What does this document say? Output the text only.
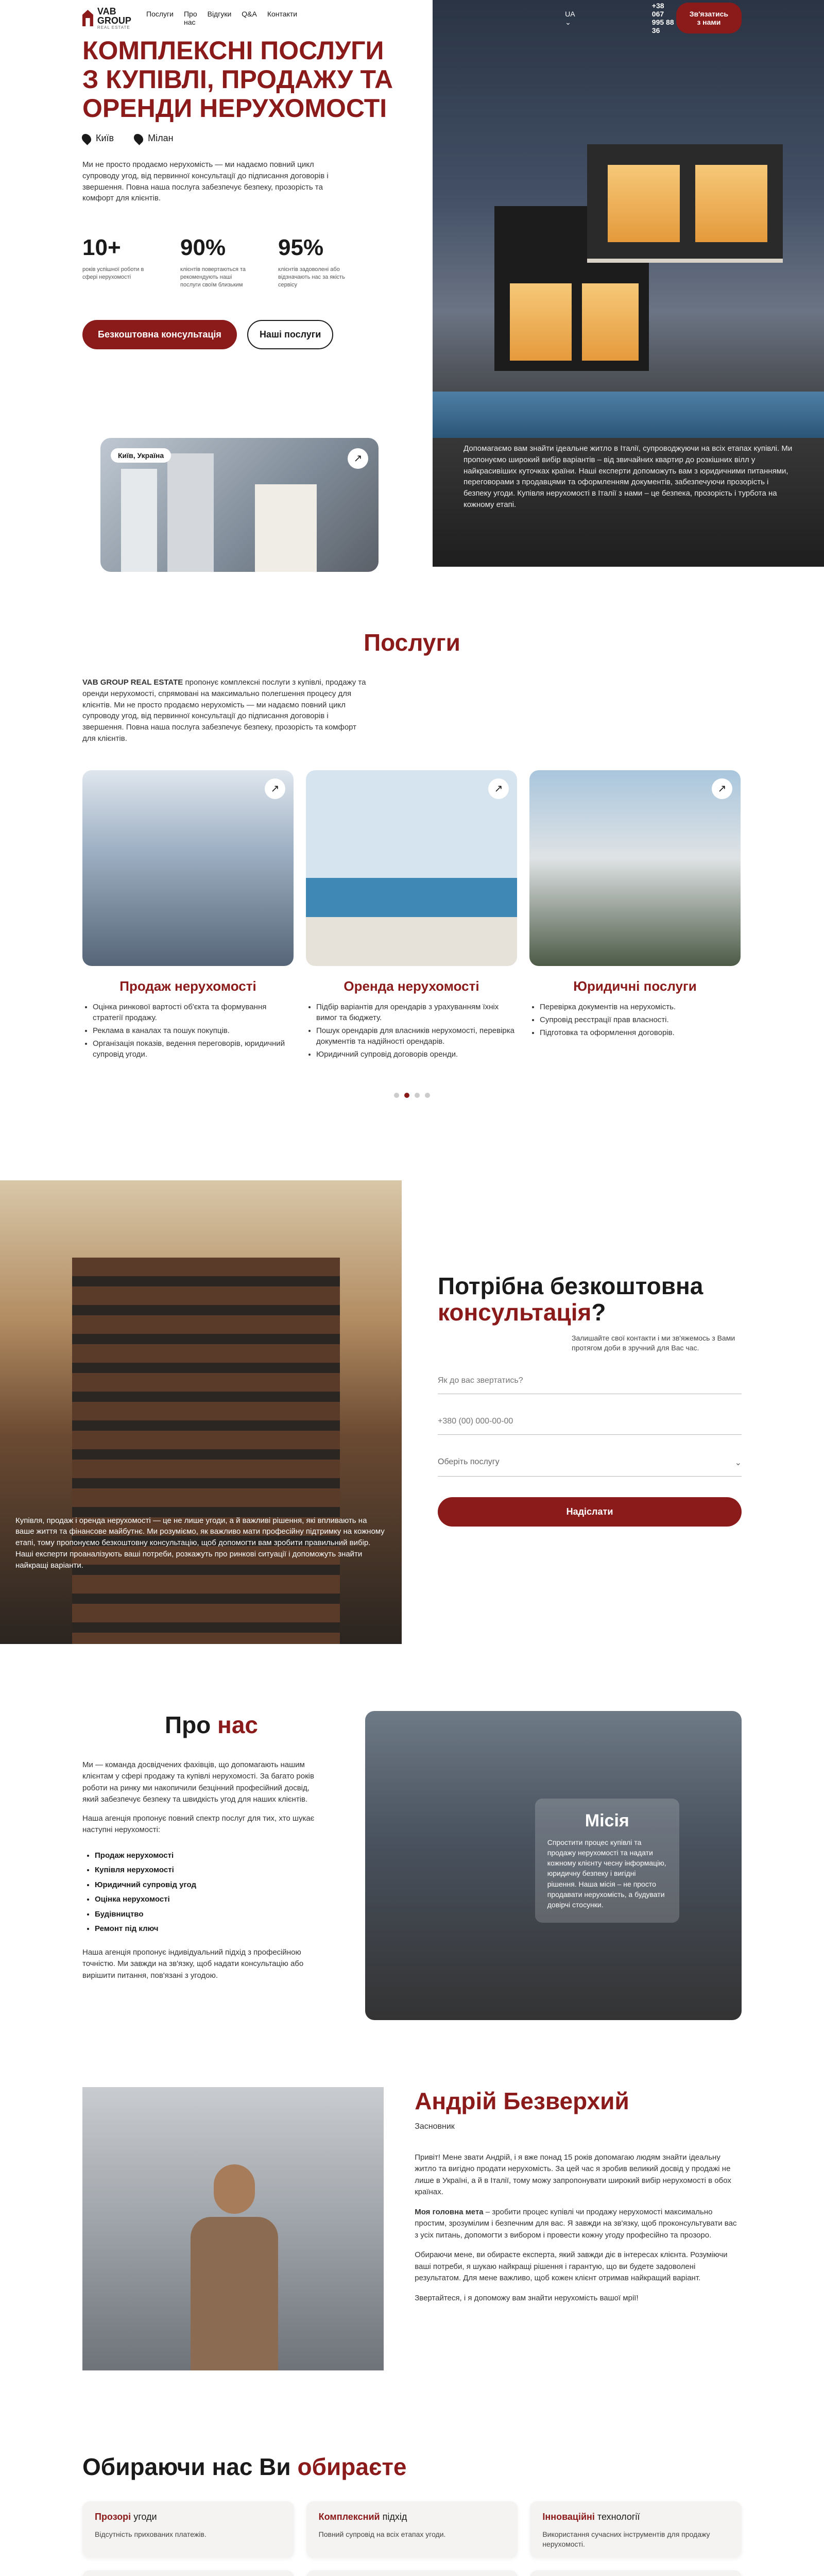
VAB GROUP
REAL ESTATE
Послуги Про нас
Відгуки Q&A Контакти	UA ⌄
+38 067 995 88 36
Зв'язатись з нами
КОМПЛЕКСНІ ПОСЛУГИ З КУПІВЛІ, ПРОДАЖУ ТА ОРЕНДИ НЕРУХОМОСТІ
Київ	Мілан

Ми не просто продаємо нерухомість — ми надаємо повний цикл супроводу угод, від первинної консультації до підписання договорів і звершення. Повна наша послуга забезпечує безпеку, прозорість та комфорт для клієнтів.

10+
років успішної роботи в сфері нерухомості
90%
клієнтів повертаються та рекомендують наші послуги своїм близьким
95%
клієнтів задоволені або відзначають нас за якість сервісу
Безкоштовна консультація	Наші послуги
Київ, Україна	↗

Допомагаємо вам знайти ідеальне житло в Італії, супроводжуючи на всіх етапах купівлі. Ми пропонуємо широкий вибір варіантів – від звичайних квартир до розкішних вілл у найкрасивіших куточках країни. Наші експерти допоможуть вам з юридичними питаннями, переговорами з продавцями та оформленням документів, забезпечуючи прозорість і безпеку угоди. Купівля нерухомості в Італії з нами – це безпека, прозорість і турбота на кожному етапі.

Послуги

VAB GROUP REAL ESTATE пропонує комплексні послуги з купівлі, продажу та оренди нерухомості, спрямовані на максимально полегшення процесу для клієнтів. Ми не просто продаємо нерухомість — ми надаємо повний цикл супроводу угод, від первинної консультації до підписання договорів і звершення. Повна наша послуга забезпечує безпеку, прозорість та комфорт для клієнтів.

↗
Продаж нерухомості
• Оцінка ринкової вартості об'єкта та формування стратегії продажу.
• Реклама в каналах та пошук покупців.
• Організація показів, ведення переговорів, юридичний супровід угоди.
↗
Оренда нерухомості
• Підбір варіантів для орендарів з урахуванням їхніх вимог та бюджету.
• Пошук орендарів для власників нерухомості, перевірка документів та надійності орендарів.
• Юридичний супровід договорів оренди.
↗
Юридичні послуги
• Перевірка документів на нерухомість.
• Супровід реєстрації прав власності.
• Підготовка та оформлення договорів.

Купівля, продаж і оренда нерухомості — це не лише угоди, а й важливі рішення, які впливають на ваше життя та фінансове майбутнє. Ми розуміємо, як важливо мати професійну підтримку на кожному етапі, тому пропонуємо безкоштовну консультацію, щоб допомогти вам зробити правильний вибір. Наші експерти проаналізують ваші потреби, розкажуть про ринкові ситуації і допоможуть знайти найкращі варіанти.

Потрібна безкоштовна консультація?

Залишайте свої контакти і ми зв'яжемось з Вами протягом доби в зручний для Вас час.

Як до вас звертатись? +380 (00) 000-00-00
Оберіть послугу	⌄
Надіслати
Про нас

Ми — команда досвідчених фахівців, що допомагають нашим клієнтам у сфері продажу та купівлі нерухомості. За багато років роботи на ринку ми накопичили безцінний професійний досвід, який забезпечує безпеку та швидкість угод для наших клієнтів.

Наша агенція пропонує повний спектр послуг для тих, хто шукає наступні нерухомості:

• Продаж нерухомості
• Купівля нерухомості
• Юридичний супровід угод
• Оцінка нерухомості
• Будівництво
• Ремонт під ключ

Наша агенція пропонує індивідуальний підхід з професійною точністю. Ми завжди на зв'язку, щоб надати консультацію або вирішити питання, пов'язані з угодою.

Місія

Спростити процес купівлі та продажу нерухомості та надати кожному клієнту чесну інформацію, юридичну безпеку і вигідні рішення. Наша місія – не просто продавати нерухомість, а будувати довірчі стосунки.

Андрій Безверхий
Засновник

Привіт! Мене звати Андрій, і я вже понад 15 років допомагаю людям знайти ідеальну житло та вигідно продати нерухомість. За цей час я зробив великий досвід у продажі не лише в Україні, а й в Італії, тому можу запропонувати широкий вибір нерухомості в обох країнах.

Моя головна мета – зробити процес купівлі чи продажу нерухомості максимально простим, зрозумілим і безпечним для вас. Я завжди на зв'язку, щоб проконсультувати вас з усіх питань, допомогти з вибором і провести кожну угоду професійно та прозоро.

Обираючи мене, ви обираєте експерта, який завжди діє в інтересах клієнта. Розуміючи ваші потреби, я шукаю найкращі рішення і гарантую, що ви будете задоволені результатом. Для мене важливо, щоб кожен клієнт отримав найкращий варіант.

Звертайтеся, і я допоможу вам знайти нерухомість вашої мрії!

Обираючи нас Ви обираєте
Прозорі угоди

Відсутність прихованих платежів.

Комплексний підхід

Повний супровід на всіх етапах угоди.

Інноваційні технології

Використання сучасних інструментів для продажу нерухомості.
